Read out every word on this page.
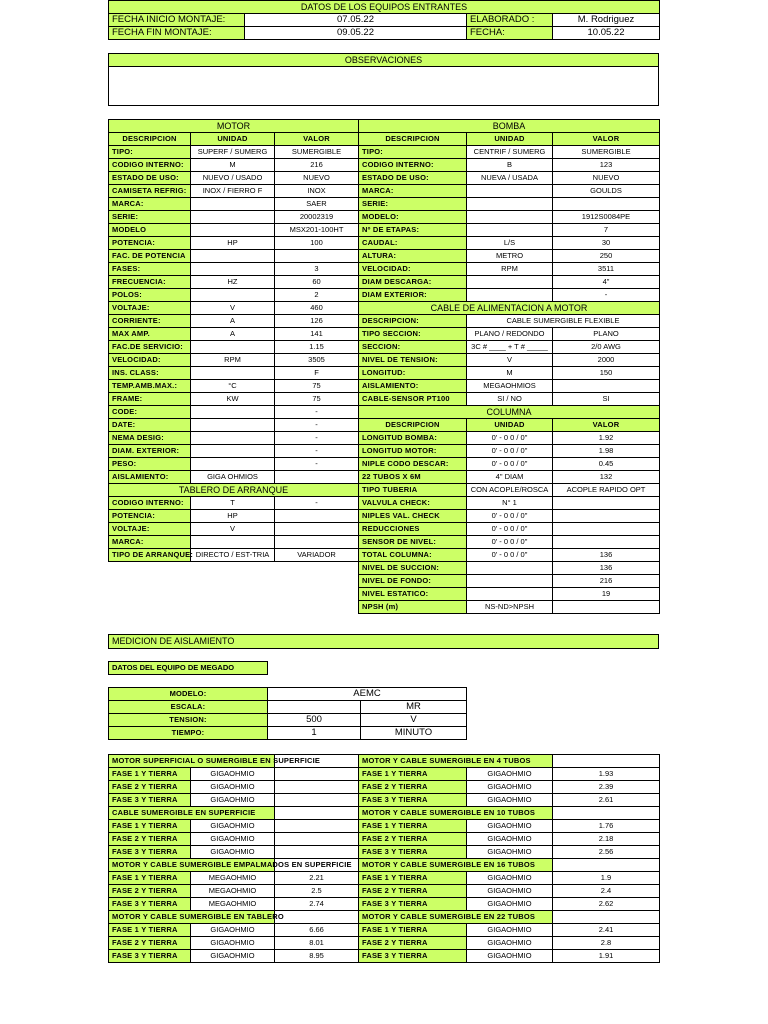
DATOS DE LOS EQUIPOS ENTRANTES			
FECHA INICIO MONTAJE:	07.05.22	ELABORADO :	M. Rodriguez
FECHA FIN MONTAJE:	09.05.22	FECHA:	10.05.22
OBSERVACIONES

MOTOR		
DESCRIPCION	UNIDAD	VALOR
TIPO:	SUPERF / SUMERG	SUMERGIBLE
CODIGO INTERNO:	M	216
ESTADO DE USO:	NUEVO / USADO	NUEVO
CAMISETA REFRIG:	INOX / FIERRO F	INOX
MARCA:		SAER
SERIE:		20002319
MODELO		MSX201-100HT
POTENCIA:	HP	100
FAC. DE POTENCIA		
FASES:		3
FRECUENCIA:	HZ	60
POLOS:		2
VOLTAJE:	V	460
CORRIENTE:	A	126
MAX AMP.	A	141
FAC.DE SERVICIO:		1.15
VELOCIDAD:	RPM	3505
INS. CLASS:		F
TEMP.AMB.MAX.:	°C	75
FRAME:	KW	75
CODE:		-
DATE:		-
NEMA DESIG:		-
DIAM. EXTERIOR:		-
PESO:		-
AISLAMIENTO:	GIGA OHMIOS	
TABLERO DE ARRANQUE		
CODIGO INTERNO:	T	-
POTENCIA:	HP	
VOLTAJE:	V	
MARCA:		
TIPO DE ARRANQUE:	DIRECTO / EST-TRIA	VARIADOR
BOMBA		
DESCRIPCION	UNIDAD	VALOR
TIPO:	CENTRIF / SUMERG	SUMERGIBLE
CODIGO INTERNO:	B	123
ESTADO DE USO:	NUEVA / USADA	NUEVO
MARCA:		GOULDS
SERIE:		
MODELO:		1912S0084PE
Nº DE ETAPAS:		7
CAUDAL:	L/S	30
ALTURA:	METRO	250
VELOCIDAD:	RPM	3511
DIAM DESCARGA:		4"
DIAM EXTERIOR:		-
CABLE DE ALIMENTACION A MOTOR		
DESCRIPCION:	CABLE SUMERGIBLE FLEXIBLE	
TIPO SECCION:	PLANO / REDONDO	PLANO
SECCION:	3C # ____ + T # _____	2/0 AWG
NIVEL DE TENSION:	V	2000
LONGITUD:	M	150
AISLAMIENTO:	MEGAOHMIOS	
CABLE-SENSOR PT100	SI / NO	SI
COLUMNA		
DESCRIPCION	UNIDAD	VALOR
LONGITUD BOMBA:	0' - 0 0 / 0"	1.92
LONGITUD MOTOR:	0' - 0 0 / 0"	1.98
NIPLE CODO DESCAR:	0' - 0 0 / 0"	0.45
22 TUBOS X 6M	4" DIAM	132
TIPO TUBERIA	CON ACOPLE/ROSCA	ACOPLE RAPIDO OPT
VALVULA CHECK:	N° 1	
NIPLES VAL. CHECK	0' - 0 0 / 0"	
REDUCCIONES	0' - 0 0 / 0"	
SENSOR DE NIVEL:	0' - 0 0 / 0"	
TOTAL COLUMNA:	0' - 0 0 / 0"	136
NIVEL DE SUCCION:		136
NIVEL DE FONDO:		216
NIVEL ESTATICO:		19
NPSH (m)	NS-ND>NPSH	
MEDICION DE AISLAMIENTO
DATOS DEL EQUIPO DE MEGADO
MODELO:	AEMC	
ESCALA:		MR
TENSION:	500	V
TIEMPO:	1	MINUTO
MOTOR SUPERFICIAL O SUMERGIBLE EN SUPERFICIE		
FASE 1 Y TIERRA	GIGAOHMIO	
FASE 2 Y TIERRA	GIGAOHMIO	
FASE 3 Y TIERRA	GIGAOHMIO	
CABLE SUMERGIBLE EN SUPERFICIE		
FASE 1 Y TIERRA	GIGAOHMIO	
FASE 2 Y TIERRA	GIGAOHMIO	
FASE 3 Y TIERRA	GIGAOHMIO	
MOTOR Y CABLE SUMERGIBLE EMPALMADOS EN SUPERFICIE		
FASE 1 Y TIERRA	MEGAOHMIO	2.21
FASE 2 Y TIERRA	MEGAOHMIO	2.5
FASE 3 Y TIERRA	MEGAOHMIO	2.74
MOTOR Y CABLE SUMERGIBLE EN TABLERO		
FASE 1 Y TIERRA	GIGAOHMIO	6.66
FASE 2 Y TIERRA	GIGAOHMIO	8.01
FASE 3 Y TIERRA	GIGAOHMIO	8.95
MOTOR Y CABLE SUMERGIBLE EN 4 TUBOS		
FASE 1 Y TIERRA	GIGAOHMIO	1.93
FASE 2 Y TIERRA	GIGAOHMIO	2.39
FASE 3 Y TIERRA	GIGAOHMIO	2.61
MOTOR Y CABLE SUMERGIBLE EN 10 TUBOS		
FASE 1 Y TIERRA	GIGAOHMIO	1.76
FASE 2 Y TIERRA	GIGAOHMIO	2.18
FASE 3 Y TIERRA	GIGAOHMIO	2.56
MOTOR Y CABLE SUMERGIBLE EN 16 TUBOS		
FASE 1 Y TIERRA	GIGAOHMIO	1.9
FASE 2 Y TIERRA	GIGAOHMIO	2.4
FASE 3 Y TIERRA	GIGAOHMIO	2.62
MOTOR Y CABLE SUMERGIBLE EN 22 TUBOS		
FASE 1 Y TIERRA	GIGAOHMIO	2.41
FASE 2 Y TIERRA	GIGAOHMIO	2.8
FASE 3 Y TIERRA	GIGAOHMIO	1.91
